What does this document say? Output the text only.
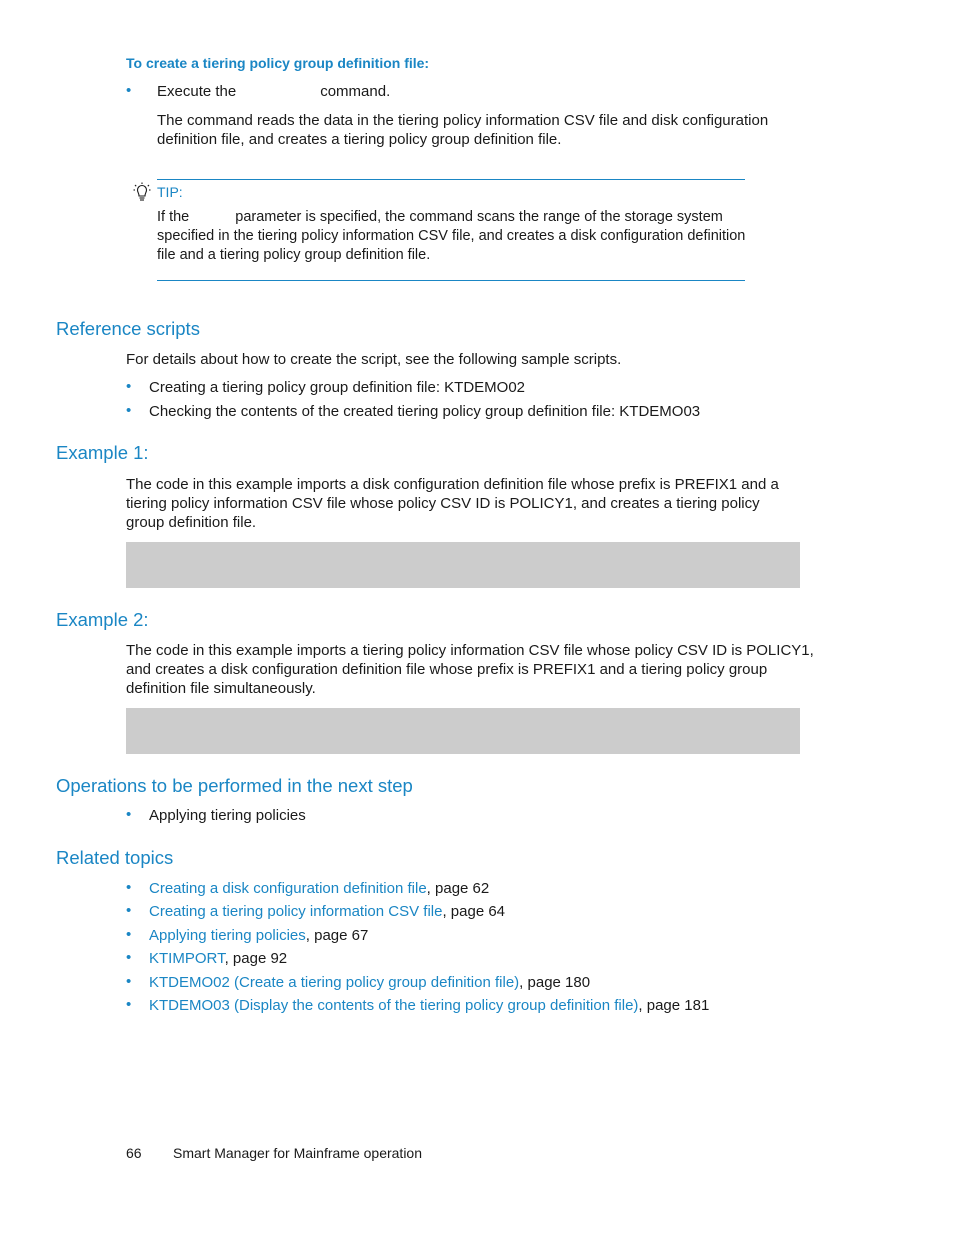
To create a tiering policy group definition file:
• Execute the	command.
The command reads the data in the tiering policy information CSV file and disk configuration
definition file, and creates a tiering policy group definition file.
TIP:
If the	parameter is specified, the command scans the range of the storage system
specified in the tiering policy information CSV file, and creates a disk configuration definition
file and a tiering policy group definition file.
Reference scripts
For details about how to create the script, see the following sample scripts.
• Creating a tiering policy group definition file: KTDEMO02
• Checking the contents of the created tiering policy group definition file: KTDEMO03
Example 1:
The code in this example imports a disk configuration definition file whose prefix is PREFIX1 and a
tiering policy information CSV file whose policy CSV ID is POLICY1, and creates a tiering policy
group definition file.
Example 2:
The code in this example imports a tiering policy information CSV file whose policy CSV ID is POLICY1,
and creates a disk configuration definition file whose prefix is PREFIX1 and a tiering policy group
definition file simultaneously.
Operations to be performed in the next step
• Applying tiering policies
Related topics
• Creating a disk configuration definition file, page 62
• Creating a tiering policy information CSV file, page 64
• Applying tiering policies, page 67
• KTIMPORT, page 92
• KTDEMO02 (Create a tiering policy group definition file), page 180
• KTDEMO03 (Display the contents of the tiering policy group definition file), page 181
66 Smart Manager for Mainframe operation
